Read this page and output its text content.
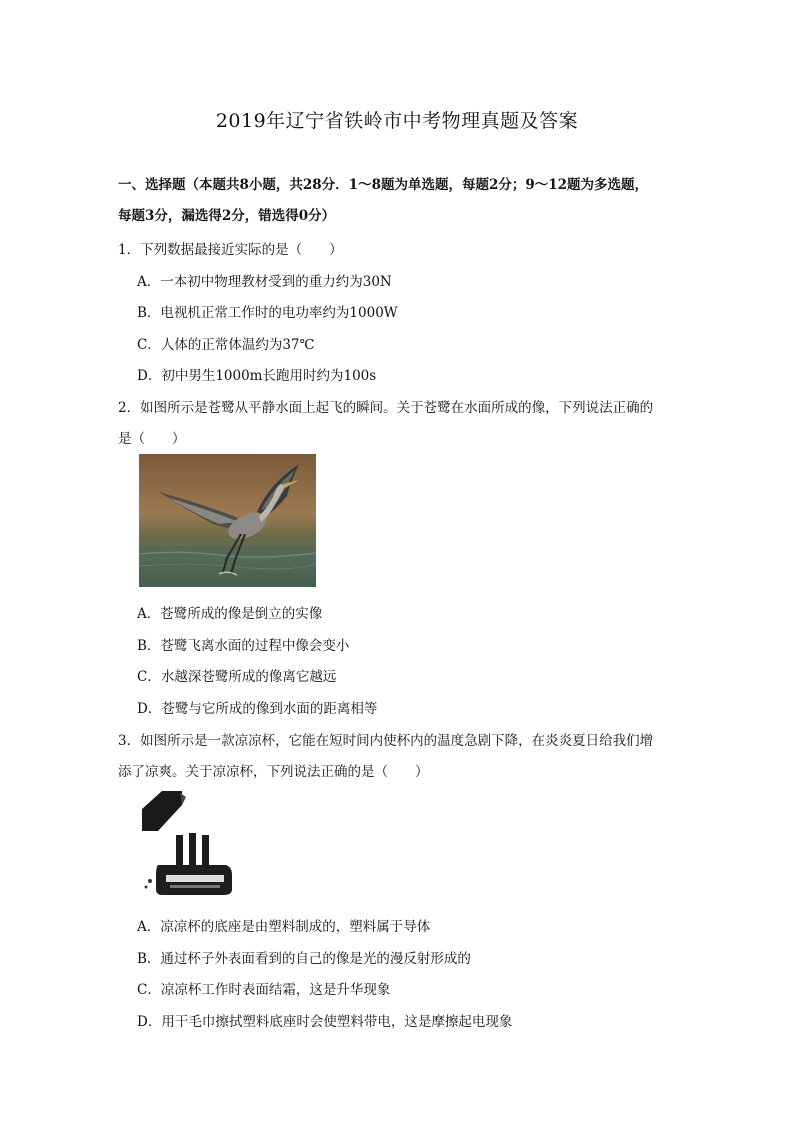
2019年辽宁省铁岭市中考物理真题及答案
一、选择题（本题共8小题，共28分．1～8题为单选题，每题2分；9～12题为多选题，
每题3分，漏选得2分，错选得0分）
1．下列数据最接近实际的是（　　）
A．一本初中物理教材受到的重力约为30N
B．电视机正常工作时的电功率约为1000W
C．人体的正常体温约为37℃
D．初中男生1000m长跑用时约为100s
2．如图所示是苍鹭从平静水面上起飞的瞬间。关于苍鹭在水面所成的像，下列说法正确的
是（　　）
A．苍鹭所成的像是倒立的实像
B．苍鹭飞离水面的过程中像会变小
C．水越深苍鹭所成的像离它越远
D．苍鹭与它所成的像到水面的距离相等
3．如图所示是一款凉凉杯，它能在短时间内使杯内的温度急剧下降，在炎炎夏日给我们增
添了凉爽。关于凉凉杯，下列说法正确的是（　　）
A．凉凉杯的底座是由塑料制成的，塑料属于导体
B．通过杯子外表面看到的自己的像是光的漫反射形成的
C．凉凉杯工作时表面结霜，这是升华现象
D．用干毛巾擦拭塑料底座时会使塑料带电，这是摩擦起电现象
